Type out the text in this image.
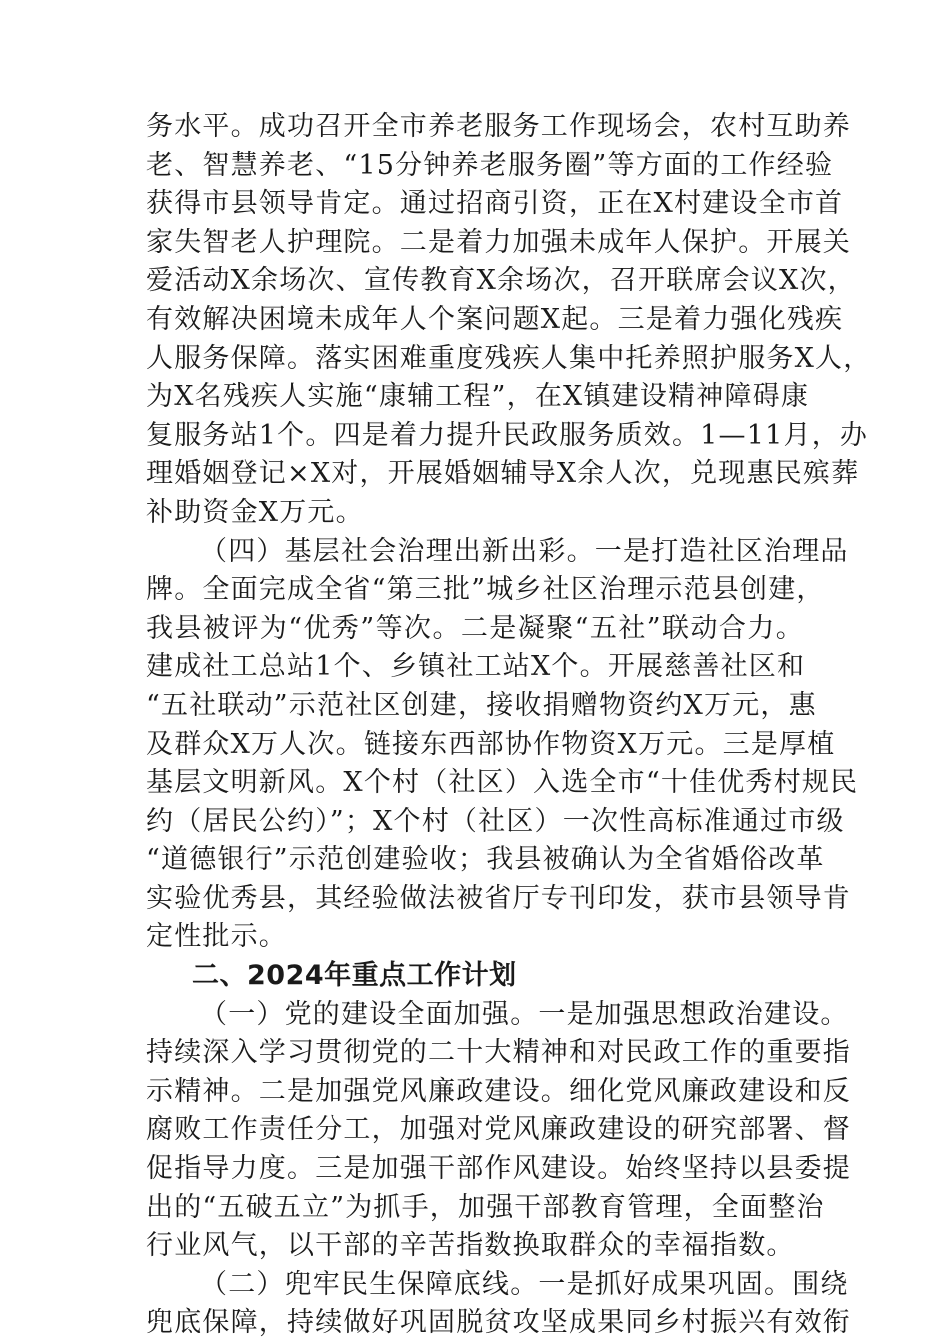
务水平。成功召开全市养老服务工作现场会，农村互助养
老、智慧养老、“15分钟养老服务圈”等方面的工作经验
获得市县领导肯定。通过招商引资，正在X村建设全市首
家失智老人护理院。二是着力加强未成年人保护。开展关
爱活动X余场次、宣传教育X余场次，召开联席会议X次，
有效解决困境未成年人个案问题X起。三是着力强化残疾
人服务保障。落实困难重度残疾人集中托养照护服务X人，
为X名残疾人实施“康辅工程”，在X镇建设精神障碍康
复服务站1个。四是着力提升民政服务质效。1—11月，办
理婚姻登记×X对，开展婚姻辅导X余人次，兑现惠民殡葬
补助资金X万元。
（四）基层社会治理出新出彩。一是打造社区治理品
牌。全面完成全省“第三批”城乡社区治理示范县创建，
我县被评为“优秀”等次。二是凝聚“五社”联动合力。
建成社工总站1个、乡镇社工站X个。开展慈善社区和
“五社联动”示范社区创建，接收捐赠物资约X万元，惠
及群众X万人次。链接东西部协作物资X万元。三是厚植
基层文明新风。X个村（社区）入选全市“十佳优秀村规民
约（居民公约）”；X个村（社区）一次性高标准通过市级
“道德银行”示范创建验收；我县被确认为全省婚俗改革
实验优秀县，其经验做法被省厅专刊印发，获市县领导肯
定性批示。
二、2024年重点工作计划
（一）党的建设全面加强。一是加强思想政治建设。
持续深入学习贯彻党的二十大精神和对民政工作的重要指
示精神。二是加强党风廉政建设。细化党风廉政建设和反
腐败工作责任分工，加强对党风廉政建设的研究部署、督
促指导力度。三是加强干部作风建设。始终坚持以县委提
出的“五破五立”为抓手，加强干部教育管理，全面整治
行业风气，以干部的辛苦指数换取群众的幸福指数。
（二）兜牢民生保障底线。一是抓好成果巩固。围绕
兜底保障，持续做好巩固脱贫攻坚成果同乡村振兴有效衔
